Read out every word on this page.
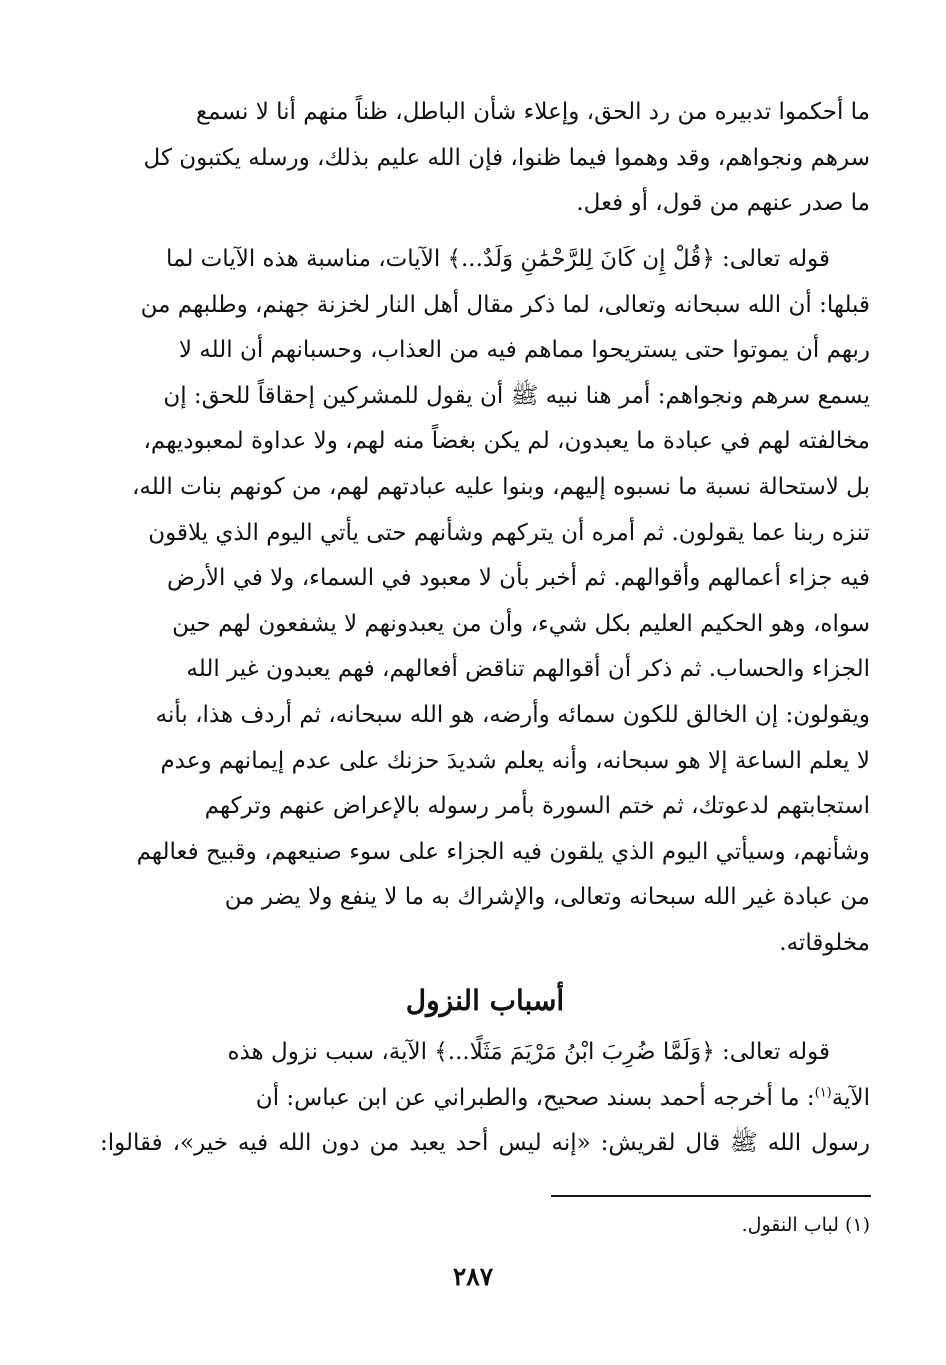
ما أحكموا تدبيره من رد الحق، وإعلاء شأن الباطل، ظناً منهم أنا لا نسمع
سرهم ونجواهم، وقد وهموا فيما ظنوا، فإن الله عليم بذلك، ورسله يكتبون كل
ما صدر عنهم من قول، أو فعل.
قوله تعالى: ﴿قُلْ إِن كَانَ لِلرَّحْمَٰنِ وَلَدٌ...﴾ الآيات، مناسبة هذه الآيات لما
قبلها: أن الله سبحانه وتعالى، لما ذكر مقال أهل النار لخزنة جهنم، وطلبهم من
ربهم أن يموتوا حتى يستريحوا مماهم فيه من العذاب، وحسبانهم أن الله لا
يسمع سرهم ونجواهم: أمر هنا نبيه ﷺ أن يقول للمشركين إحقاقاً للحق: إن
مخالفته لهم في عبادة ما يعبدون، لم يكن بغضاً منه لهم، ولا عداوة لمعبوديهم،
بل لاستحالة نسبة ما نسبوه إليهم، وبنوا عليه عبادتهم لهم، من كونهم بنات الله،
تنزه ربنا عما يقولون. ثم أمره أن يتركهم وشأنهم حتى يأتي اليوم الذي يلاقون
فيه جزاء أعمالهم وأقوالهم. ثم أخبر بأن لا معبود في السماء، ولا في الأرض
سواه، وهو الحكيم العليم بكل شيء، وأن من يعبدونهم لا يشفعون لهم حين
الجزاء والحساب. ثم ذكر أن أقوالهم تناقض أفعالهم، فهم يعبدون غير الله
ويقولون: إن الخالق للكون سمائه وأرضه، هو الله سبحانه، ثم أردف هذا، بأنه
لا يعلم الساعة إلا هو سبحانه، وأنه يعلم شديدَ حزنك على عدم إيمانهم وعدم
استجابتهم لدعوتك، ثم ختم السورة بأمر رسوله بالإعراض عنهم وتركهم
وشأنهم، وسيأتي اليوم الذي يلقون فيه الجزاء على سوء صنيعهم، وقبيح فعالهم
من عبادة غير الله سبحانه وتعالى، والإشراك به ما لا ينفع ولا يضر من
مخلوقاته.
أسباب النزول
قوله تعالى: ﴿وَلَمَّا ضُرِبَ ابْنُ مَرْيَمَ مَثَلًا...﴾ الآية، سبب نزول هذه
الآية$^{(١)}$: ما أخرجه أحمد بسند صحيح، والطبراني عن ابن عباس: أن
رسول الله ﷺ قال لقريش: «إنه ليس أحد يعبد من دون الله فيه خير»، فقالوا:
(١) لباب النقول.
٢٨٧
